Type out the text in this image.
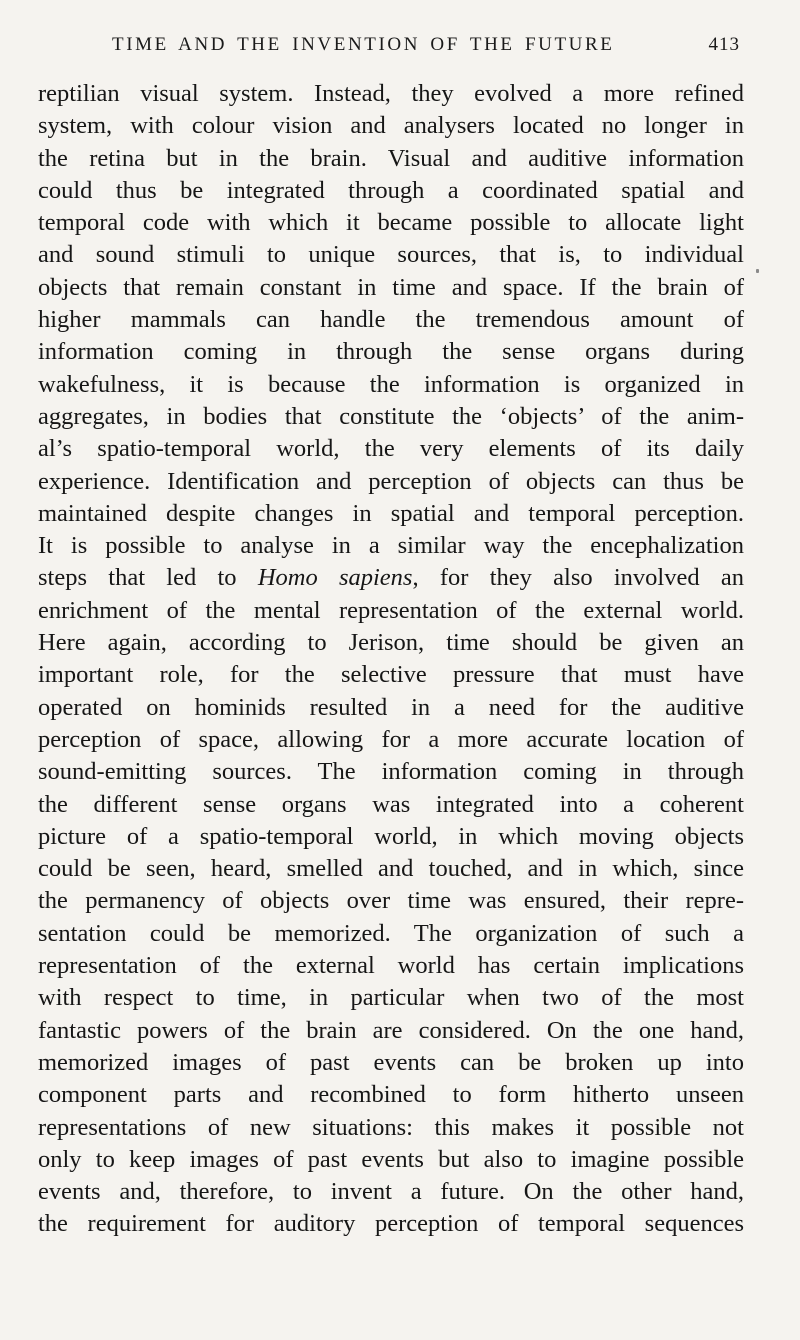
TIME AND THE INVENTION OF THE FUTURE	413
reptilian visual system. Instead, they evolved a more refined
system, with colour vision and analysers located no longer in
the retina but in the brain. Visual and auditive information
could thus be integrated through a coordinated spatial and
temporal code with which it became possible to allocate light
and sound stimuli to unique sources, that is, to individual
objects that remain constant in time and space. If the brain of
higher mammals can handle the tremendous amount of
information coming in through the sense organs during
wakefulness, it is because the information is organized in
aggregates, in bodies that constitute the ‘objects’ of the anim-
al’s spatio-temporal world, the very elements of its daily
experience. Identification and perception of objects can thus be
maintained despite changes in spatial and temporal perception.
It is possible to analyse in a similar way the encephalization
steps that led to Homo sapiens, for they also involved an
enrichment of the mental representation of the external world.
Here again, according to Jerison, time should be given an
important role, for the selective pressure that must have
operated on hominids resulted in a need for the auditive
perception of space, allowing for a more accurate location of
sound-emitting sources. The information coming in through
the different sense organs was integrated into a coherent
picture of a spatio-temporal world, in which moving objects
could be seen, heard, smelled and touched, and in which, since
the permanency of objects over time was ensured, their repre-
sentation could be memorized. The organization of such a
representation of the external world has certain implications
with respect to time, in particular when two of the most
fantastic powers of the brain are considered. On the one hand,
memorized images of past events can be broken up into
component parts and recombined to form hitherto unseen
representations of new situations: this makes it possible not
only to keep images of past events but also to imagine possible
events and, therefore, to invent a future. On the other hand,
the requirement for auditory perception of temporal sequences
